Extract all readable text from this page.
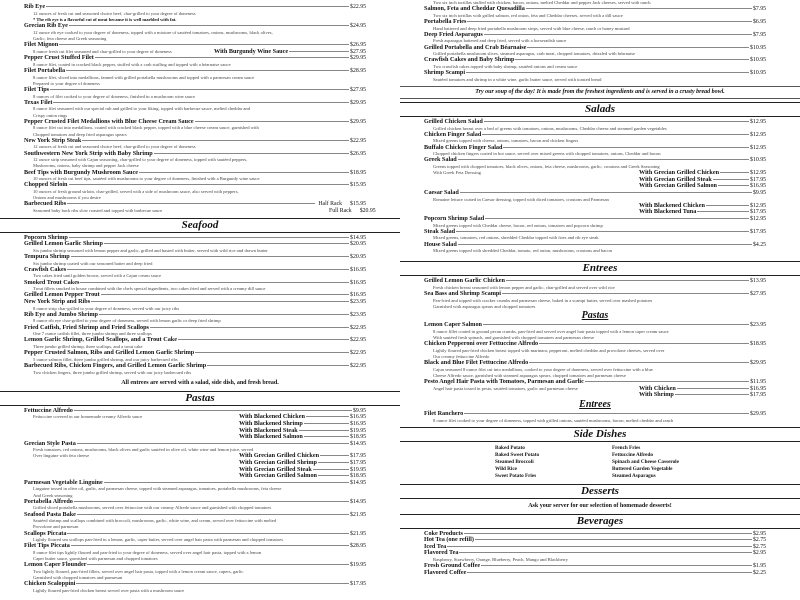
Rib Eye	$22.95
12 ounces of fresh cut and seasoned choice beef, char-grilled to your degree of doneness
* The rib eye is a flavorful cut of meat because it is well marbled with fat.
Grecian Rib Eye	$24.95
12 ounce rib eye cooked to your degree of doneness, topped with a mixture of sautéed tomatoes, onions, mushrooms, black olives,
Garlic, feta cheese and Greek seasoning
Filet Mignon	$26.95
8 ounce fresh cut filet seasoned and char-grilled to your degree of doneness	With Burgundy Wine Sauce	$27.95
Pepper Crust Stuffed Filet	$29.95
8 ounce filet, coated in cracked black pepper, stuffed with a crab stuffing and topped with a béarnaise sauce
Filet Portabella	$28.95
8 ounce filet, sliced into medallions, fanned with grilled portabella mushrooms and topped with a parmesan cream sauce
Prepared to your degree of doneness
Filet Tips	$27.95
8 ounces of filet cooked to your degree of doneness, finished in a mushroom wine sauce
Texas Filet	$29.95
8 ounce filet seasoned with our special rub and grilled to your liking, topped with barbecue sauce, melted cheddar and
Crispy onion rings
Pepper Crusted Filet Medallions with Blue Cheese Cream Sauce	$29.95
8 ounce filet cut into medallions, coated with cracked black pepper, topped with a blue cheese cream sauce, garnished with
Chopped tomatoes and deep fried asparagus spears
New York Strip Steak	$22.95
12 ounces of fresh cut and seasoned choice beef, char-grilled to your degree of doneness
Southwestern New York Strip with Baby Shrimp	$26.95
12 ounce strip seasoned with Cajun seasoning, char-grilled to your degree of doneness, topped with sautéed peppers,
Mushrooms, onions, baby shrimp and pepper Jack cheese
Beef Tips with Burgundy Mushroom Sauce	$18.95
10 ounces of fresh cut beef tips, sautéed with mushrooms to your degree of doneness, finished with a Burgundy wine sauce
Chopped Sirloin	$15.95
10 ounces of fresh ground sirloin, char-grilled, served with a side of mushroom sauce, also served with peppers,
Onions and mushrooms if you desire
Barbecued Ribs	Half Rack $15.95
Seasoned baby back ribs slow roasted and topped with barbecue sauce	Full Rack $20.95
Seafood
Popcorn Shrimp	$14.95
Grilled Lemon Garlic Shrimp	$20.95
Six jumbo shrimp seasoned with lemon pepper and garlic, grilled and basted with butter, served with wild rice and drawn butter
Tempura Shrimp	$20.95
Six jumbo shrimp coated with our seasoned batter and deep fried
Crawfish Cakes	$16.95
Two cakes fried until golden brown, served with a Cajun cream sauce
Smoked Trout Cakes	$16.95
Trout fillets smoked in house combined with the chefs special ingredients, two cakes fried and served with a creamy dill sauce
Grilled Lemon Pepper Trout	$16.95
New York Strip and Ribs	$23.95
8 ounce strip char-grilled to your degree of doneness, served with our juicy ribs
Rib Eye and Jumbo Shrimp	$23.95
8 ounce rib eye char-grilled to your degree of doneness, served with lemon garlic or deep fried shrimp
Fried Catfish, Fried Shrimp and Fried Scallops	$22.95
One 7 ounce catfish fillet, three jumbo shrimp and three scallops
Lemon Garlic Shrimp, Grilled Scallops, and a Trout Cake	$22.95
Three jumbo grilled shrimp, three scallops, and a trout cake
Pepper Crusted Salmon, Ribs and Grilled Lemon Garlic Shrimp	$22.95
5 ounce salmon fillet, three jumbo grilled shrimp, and our juicy barbecued ribs
Barbecued Ribs, Chicken Fingers, and Grilled Lemon Garlic Shrimp	$22.95
Two chicken fingers, three jumbo grilled shrimp, served with our juicy barbecued ribs
All entrees are served with a salad, side dish, and fresh bread.
Pastas
Fettuccine Alfredo	$9.95
Fettuccine covered in our homemade creamy Alfredo sauce	With Blackened Chicken	$16.95
With Blackened Shrimp	$16.95
With Blackened Steak	$19.95
With Blackened Salmon	$18.95
Grecian Style Pasta	$14.95
Fresh tomatoes, red onions, mushrooms, black olives and garlic sautéed in olive oil, white wine and lemon juice, served
Over linguine with feta cheese	With Grecian Grilled Chicken	$17.95
With Grecian Grilled Shrimp	$17.95
With Grecian Grilled Steak	$19.95
With Grecian Grilled Salmon	$18.95
Parmesan Vegetable Linguine	$14.95
Linguine tossed in olive oil, garlic, and parmesan cheese, topped with steamed asparagus, tomatoes, portabella mushrooms, feta cheese
And Greek seasoning
Portabella Alfredo	$14.95
Grilled sliced portabella mushrooms, served over fettuccine with our creamy Alfredo sauce and garnished with chopped tomatoes
Seafood Pasta Bake	$21.95
Sautéed shrimp and scallops combined with broccoli, mushrooms, garlic, white wine, and cream, served over fettuccine with melted
Provolone and parmesan
Scallops Piccata	$21.95
Lightly floured sea scallops pan-fried in a lemon, garlic, caper butter, served over angel hair pasta with parmesan and chopped tomatoes
Filet Tips Piccata	$28.95
8 ounce filet tips lightly floured and pan-fried to your degree of doneness, served over angel hair pasta, topped with a lemon
Caper butter sauce, garnished with parmesan and chopped tomatoes
Lemon Caper Flounder	$19.95
Two lightly floured, pan-fried fillets, served over angel hair pasta, topped with a lemon cream sauce, capers, garlic
Garnished with chopped tomatoes and parmesan
Chicken Scaloppini	$17.95
Lightly floured pan-fried chicken breast served over pasta with a mushroom sauce
Two six inch tortillas stuffed with chicken, bacon, onions, melted Cheddar and pepper Jack cheeses, served with ranch
Salmon, Feta and Cheddar Quesadilla	$7.95
Two six inch tortillas with grilled salmon, red onion, feta and Cheddar cheeses, served with a dill sauce
Portabella Fries	$6.95
Hand battered and deep fried portabella mushroom strips, served with blue cheese, ranch or honey mustard
Deep Fried Asparagus	$7.95
Fresh asparagus battered and deep fried, served with a horseradish sauce
Grilled Portabella and Crab Béarnaise	$10.95
Grilled portabella mushroom slices, steamed asparagus, crab meat, chopped tomatoes, drizzled with béarnaise
Crawfish Cakes and Baby Shrimp	$10.95
Two crawfish cakes topped with baby shrimp, sautéed onions and cream sauce
Shrimp Scampi	$10.95
Sautéed tomatoes and shrimp in a white wine, garlic butter sauce, served with toasted bread
Try our soup of the day! It is made from the freshest ingredients and is served in a crusty bread bowl.
Salads
Grilled Chicken Salad	$12.95
Grilled chicken breast over a bed of greens with tomatoes, onions, mushrooms, Cheddar cheese and steamed garden vegetables
Chicken Finger Salad	$12.95
Mixed greens topped with cheese, onions, tomatoes, bacon and chicken fingers
Buffalo Chicken Finger Salad	$12.95
Chopped chicken fingers coated in hot sauce, served over mixed greens with chopped tomatoes, onions, Cheddar and bacon
Greek Salad	$10.95
Greens topped with chopped tomatoes, black olives, onions, feta cheese, mushrooms, garlic, croutons and Greek Seasoning
With Greek Feta Dressing	With Grecian Grilled Chicken	$12.95
With Grecian Grilled Steak	$17.95
With Grecian Grilled Salmon	$16.95
Caesar Salad	$9.95
Romaine lettuce coated in Caesar dressing, topped with diced tomatoes, croutons and Parmesan
With Blackened Chicken	$12.95
With Blackened Tuna	$17.95
Popcorn Shrimp Salad	$12.95
Mixed greens topped with Cheddar cheese, bacon, red onions, tomatoes and popcorn shrimp
Steak Salad	$17.95
Mixed greens, tomatoes, red onions, shredded Cheddar topped with fries and rib eye steak
House Salad	$4.25
Mixed greens topped with shredded Cheddar, tomato, red onion, mushrooms, croutons and bacon
Entrees
Grilled Lemon Garlic Chicken	$13.95
Fresh chicken breast seasoned with lemon pepper and garlic, char-grilled and served over wild rice
Sea Bass and Shrimp Scampi	$27.95
Pan-fried and topped with cracker crumbs and parmesan cheese, baked in a scampi butter, served over mashed potatoes
Garnished with asparagus spears and chopped tomatoes
Pastas
Lemon Caper Salmon	$23.95
8 ounce fillet coated in ground pecan crumbs, pan-fried and served over angel hair pasta topped with a lemon caper cream sauce
With sautéed fresh spinach, and garnished with chopped tomatoes and parmesan cheese
Chicken Pepperoni over Fettuccine Alfredo	$18.95
Lightly floured pan-fried chicken breast topped with marinara, pepperoni, melted cheddar and provolone cheeses, served over
Our creamy fettuccine Alfredo
Black and Blue Filet Fettuccine Alfredo	$29.95
Cajun seasoned 8 ounce filet cut into medallions, cooked to your degree of doneness, served over fettuccine with a blue
Cheese Alfredo sauce, garnished with steamed asparagus spears, chopped tomatoes and parmesan cheese
Pesto Angel Hair Pasta with Tomatoes, Parmesan and Garlic	$11.95
Angel hair pasta tossed in pesto, sautéed tomatoes, garlic and parmesan cheese	With Chicken	$16.95
With Shrimp	$17.95
Entrees
Filet Ranchero	$29.95
8 ounce filet cooked to your degree of doneness, topped with grilled onions, sautéed mushrooms, bacon, melted cheddar and ranch
Side Dishes
Baked Potato
Baked Sweet Potato
Steamed Broccoli
Wild Rice
Sweet Potato Fries
French Fries
Fettuccine Alfredo
Spinach and Cheese Casserole
Buttered Garden Vegetable
Steamed Asparagus
Desserts
Ask your server for our selection of homemade desserts!
Beverages
Coke Products	$2.95
Hot Tea (one refill)	$2.75
Iced Tea	$2.75
Flavored Tea	$2.95
Raspberry, Strawberry, Orange, Blueberry, Peach, Mango and Blackberry
Fresh Ground Coffee	$1.95
Flavored Coffee	$2.25
